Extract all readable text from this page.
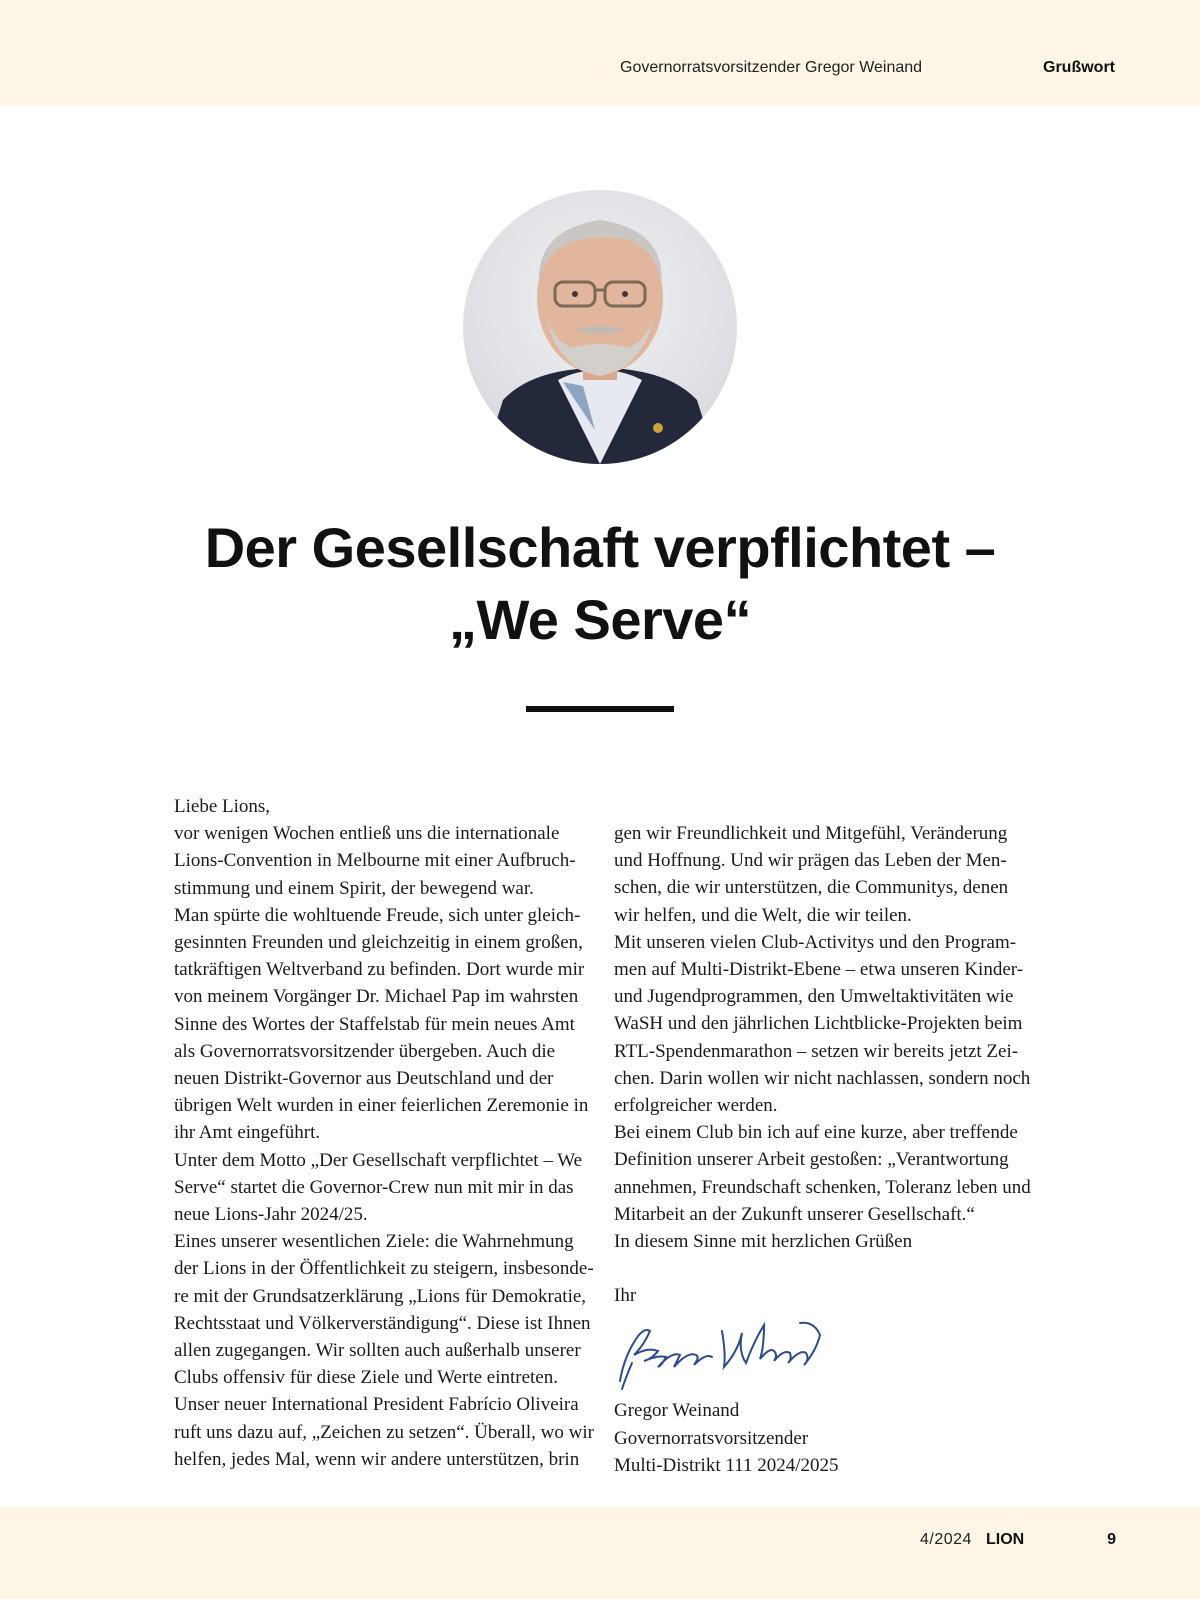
Governorratsvorsitzender Gregor Weinand	Grußwort
Der Gesellschaft verpflichtet –
„We Serve“

Liebe Lions,

vor wenigen Wochen entließ uns die internationale Lions-Convention in Melbourne mit einer Aufbruchstimmung und einem Spirit, der bewegend war.

Man spürte die wohltuende Freude, sich unter gleichgesinnten Freunden und gleichzeitig in einem großen, tatkräftigen Weltverband zu befinden. Dort wurde mir von meinem Vorgänger Dr. Michael Pap im wahrsten Sinne des Wortes der Staffelstab für mein neues Amt als Governorratsvorsitzender übergeben. Auch die neuen Distrikt-Governor aus Deutschland und der übrigen Welt wurden in einer feierlichen Zeremonie in ihr Amt eingeführt.

Unter dem Motto „Der Gesellschaft verpflichtet – We Serve“ startet die Governor-Crew nun mit mir in das neue Lions-Jahr 2024/25.

Eines unserer wesentlichen Ziele: die Wahrnehmung der Lions in der Öffentlichkeit zu steigern, insbesondere mit der Grundsatzerklärung „Lions für Demokratie, Rechtsstaat und Völkerverständigung“. Diese ist Ihnen allen zugegangen. Wir sollten auch außerhalb unserer Clubs offensiv für diese Ziele und Werte eintreten.

Unser neuer International President Fabrício Oliveira ruft uns dazu auf, „Zeichen zu setzen“. Überall, wo wir helfen, jedes Mal, wenn wir andere unterstützen, brin

gen wir Freundlichkeit und Mitgefühl, Veränderung und Hoffnung. Und wir prägen das Leben der Menschen, die wir unterstützen, die Communitys, denen wir helfen, und die Welt, die wir teilen.

Mit unseren vielen Club-Activitys und den Programmen auf Multi-Distrikt-Ebene – etwa unseren Kinder- und Jugendprogrammen, den Umweltaktivitäten wie WaSH und den jährlichen Lichtblicke-Projekten beim RTL-Spendenmarathon – setzen wir bereits jetzt Zeichen. Darin wollen wir nicht nachlassen, sondern noch erfolgreicher werden.

Bei einem Club bin ich auf eine kurze, aber treffende Definition unserer Arbeit gestoßen: „Verantwortung annehmen, Freundschaft schenken, Toleranz leben und Mitarbeit an der Zukunft unserer Gesellschaft.“

In diesem Sinne mit herzlichen Grüßen

Ihr

Gregor Weinand

Governorratsvorsitzender

Multi-Distrikt 111 2024/2025

4/2024 LION	9
